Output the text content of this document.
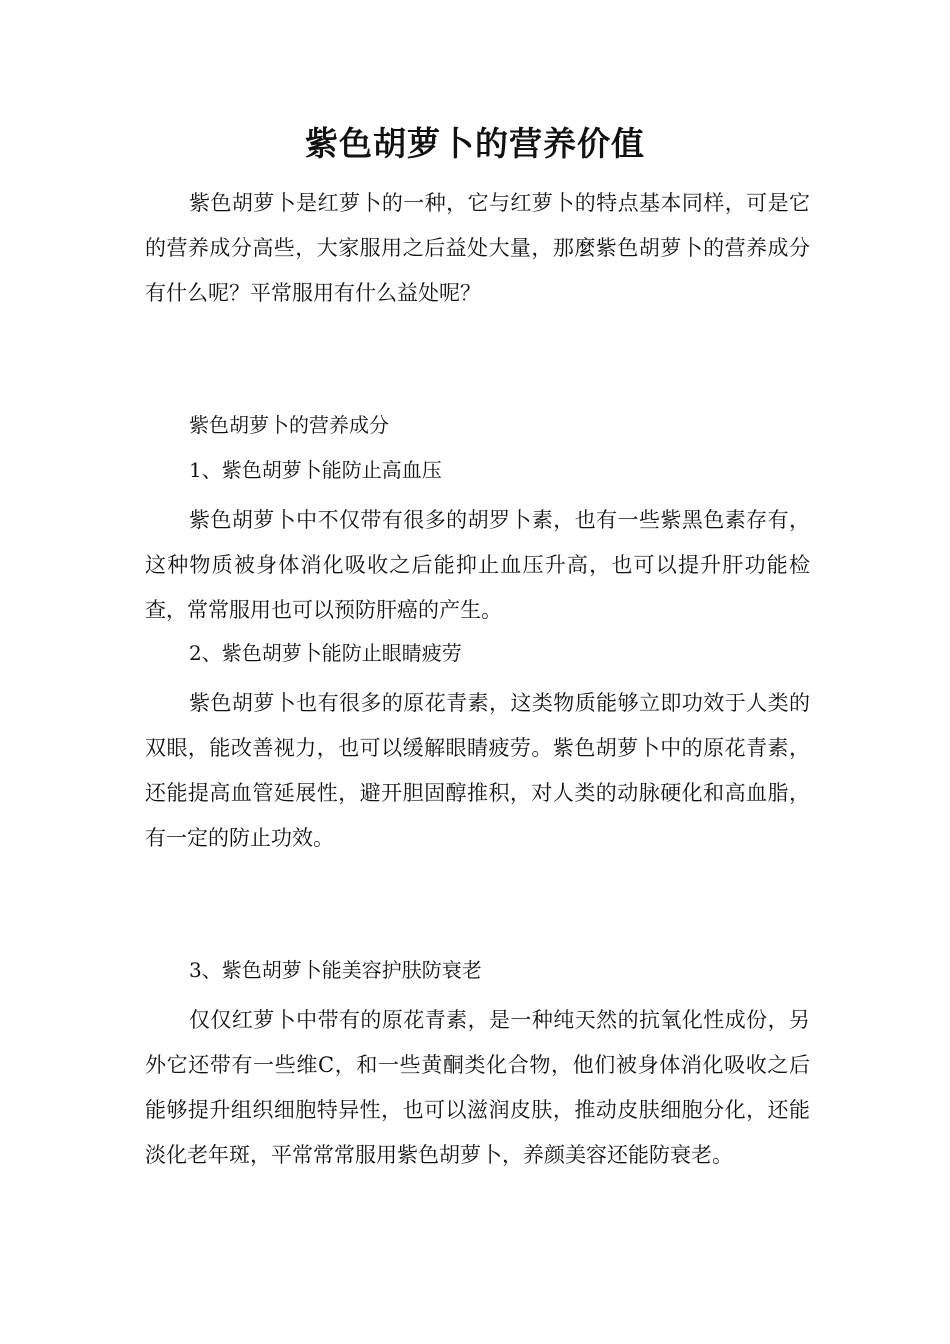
紫色胡萝卜的营养价值
紫色胡萝卜是红萝卜的一种，它与红萝卜的特点基本同样，可是它的营养成分高些，大家服用之后益处大量，那麼紫色胡萝卜的营养成分有什么呢？平常服用有什么益处呢？
紫色胡萝卜的营养成分
1、紫色胡萝卜能防止高血压
紫色胡萝卜中不仅带有很多的胡罗卜素，也有一些紫黑色素存有，这种物质被身体消化吸收之后能抑止血压升高，也可以提升肝功能检查，常常服用也可以预防肝癌的产生。
2、紫色胡萝卜能防止眼睛疲劳
紫色胡萝卜也有很多的原花青素，这类物质能够立即功效于人类的双眼，能改善视力，也可以缓解眼睛疲劳。紫色胡萝卜中的原花青素，还能提高血管延展性，避开胆固醇推积，对人类的动脉硬化和高血脂，有一定的防止功效。
3、紫色胡萝卜能美容护肤防衰老
仅仅红萝卜中带有的原花青素，是一种纯天然的抗氧化性成份，另外它还带有一些维C，和一些黄酮类化合物，他们被身体消化吸收之后能够提升组织细胞特异性，也可以滋润皮肤，推动皮肤细胞分化，还能淡化老年斑，平常常常服用紫色胡萝卜，养颜美容还能防衰老。
